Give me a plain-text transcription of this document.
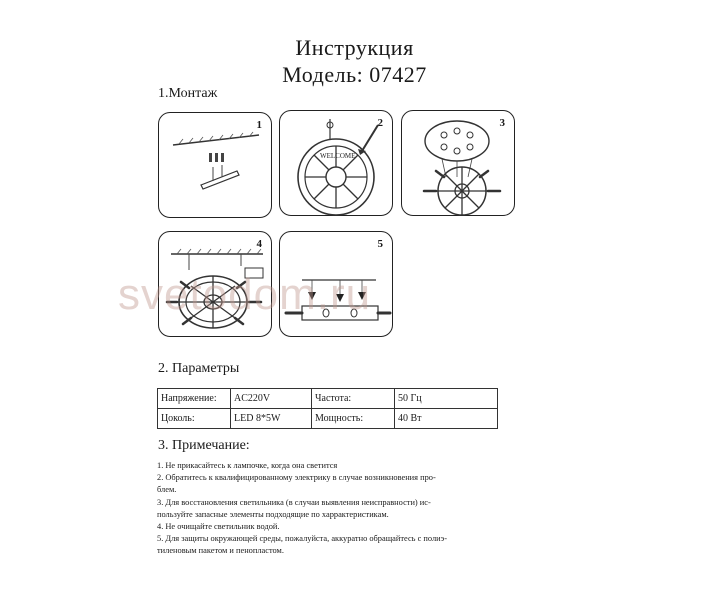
Инструкция
Модель: 07427
1.Монтаж
1	2
WELCOME
3
4	5
svetodom.ru
2. Параметры
Напряжение:	AC220V	Частота:	50 Гц
Цоколь:	LED 8*5W	Мощность:	40 Вт
3. Примечание:
1. Не прикасайтесь к лампочке, когда она светится
2. Обратитесь к квалифицированному электрику в случае возникновения про-
блем.
3. Для восстановления светильника (в случаи выявления неисправности) ис-
пользуйте запасные элементы подходящие по харрактеристикам.
4. Не очищайте светильник водой.
5. Для защиты окружающей среды, пожалуйста, аккуратно обращайтесь с полиэ-
тиленовым пакетом и пенопластом.
